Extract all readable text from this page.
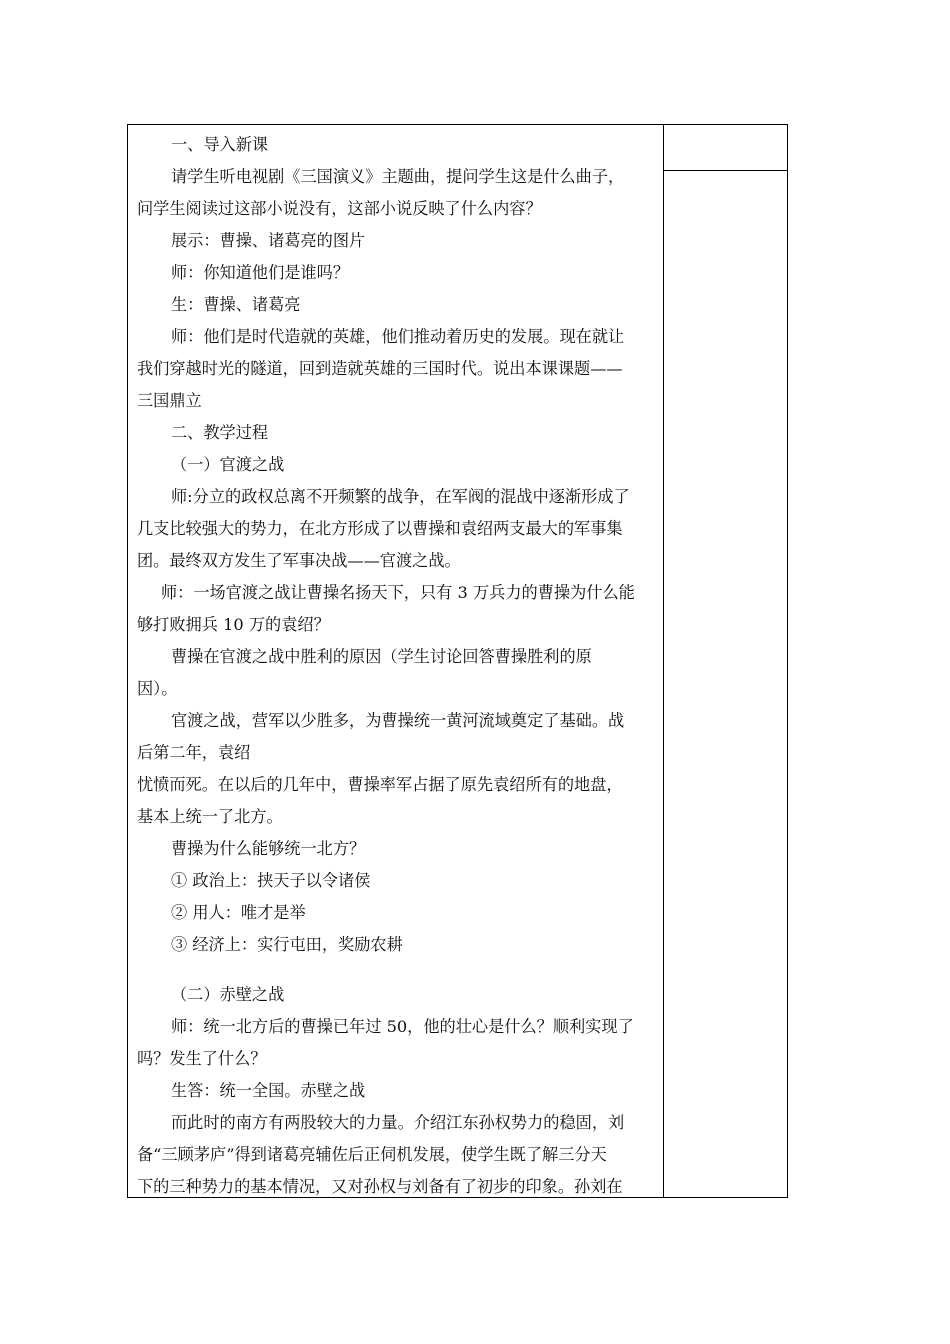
一、导入新课

请学生听电视剧《三国演义》主题曲，提问学生这是什么曲子，

问学生阅读过这部小说没有，这部小说反映了什么内容？

展示：曹操、诸葛亮的图片

师：你知道他们是谁吗？

生：曹操、诸葛亮

师：他们是时代造就的英雄，他们推动着历史的发展。现在就让

我们穿越时光的隧道，回到造就英雄的三国时代。说出本课课题——

三国鼎立

二、教学过程

（一）官渡之战

师:分立的政权总离不开频繁的战争，在军阀的混战中逐渐形成了

几支比较强大的势力，在北方形成了以曹操和袁绍两支最大的军事集

团。最终双方发生了军事决战——官渡之战。

师：一场官渡之战让曹操名扬天下，只有 3 万兵力的曹操为什么能

够打败拥兵 10 万的袁绍？

曹操在官渡之战中胜利的原因（学生讨论回答曹操胜利的原

因）。

官渡之战，营军以少胜多，为曹操统一黄河流域奠定了基础。战

后第二年，袁绍

忧愤而死。在以后的几年中，曹操率军占据了原先袁绍所有的地盘，

基本上统一了北方。

曹操为什么能够统一北方？

① 政治上：挟天子以令诸侯

② 用人：唯才是举

③ 经济上：实行屯田，奖励农耕

（二）赤壁之战

师：统一北方后的曹操已年过 50，他的壮心是什么？顺利实现了

吗？发生了什么？

生答：统一全国。赤壁之战

而此时的南方有两股较大的力量。介绍江东孙权势力的稳固，刘

备“三顾茅庐”得到诸葛亮辅佐后正伺机发展，使学生既了解三分天

下的三种势力的基本情况，又对孙权与刘备有了初步的印象。孙刘在
